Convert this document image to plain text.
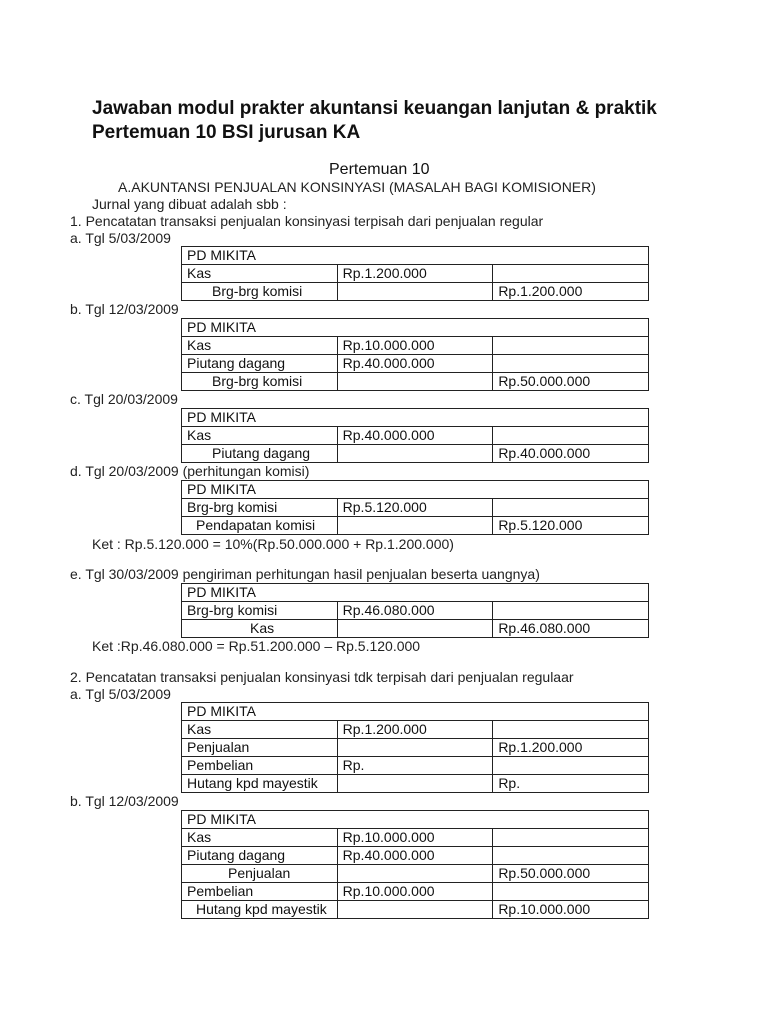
Jawaban modul prakter akuntansi keuangan lanjutan & praktik Pertemuan 10 BSI jurusan KA
Pertemuan 10
A.AKUNTANSI PENJUALAN KONSINYASI (MASALAH BAGI KOMISIONER)
Jurnal yang dibuat adalah sbb :
1. Pencatatan transaksi penjualan konsinyasi terpisah dari penjualan regular
a. Tgl 5/03/2009
PD MIKITA		
Kas	Rp.1.200.000	
Brg-brg komisi		Rp.1.200.000
b. Tgl 12/03/2009
PD MIKITA		
Kas	Rp.10.000.000	
Piutang dagang	Rp.40.000.000	
Brg-brg komisi		Rp.50.000.000
c. Tgl 20/03/2009
PD MIKITA		
Kas	Rp.40.000.000	
Piutang dagang		Rp.40.000.000
d. Tgl 20/03/2009 (perhitungan komisi)
PD MIKITA		
Brg-brg komisi	Rp.5.120.000	
Pendapatan komisi		Rp.5.120.000
Ket : Rp.5.120.000 = 10%(Rp.50.000.000 + Rp.1.200.000)
e. Tgl 30/03/2009 pengiriman perhitungan hasil penjualan beserta uangnya)
PD MIKITA		
Brg-brg komisi	Rp.46.080.000	
Kas		Rp.46.080.000
Ket :Rp.46.080.000 = Rp.51.200.000 – Rp.5.120.000
2. Pencatatan transaksi penjualan konsinyasi tdk terpisah dari penjualan regulaar
a. Tgl 5/03/2009
PD MIKITA		
Kas	Rp.1.200.000	
Penjualan		Rp.1.200.000
Pembelian	Rp.	
Hutang kpd mayestik		Rp.
b. Tgl 12/03/2009
PD MIKITA		
Kas	Rp.10.000.000	
Piutang dagang	Rp.40.000.000	
Penjualan		Rp.50.000.000
Pembelian	Rp.10.000.000	
Hutang kpd mayestik		Rp.10.000.000
